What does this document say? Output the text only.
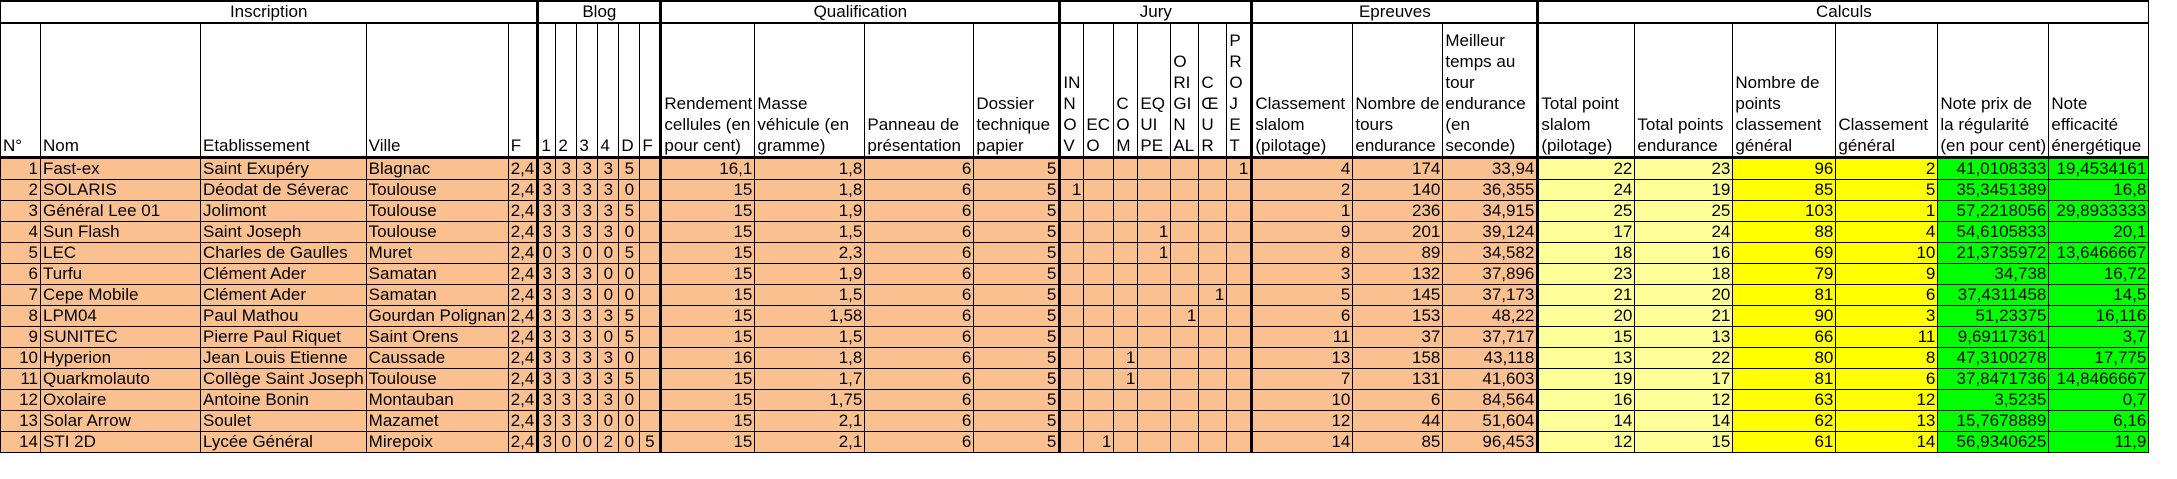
Inscription					Blog						Qualification				Jury							Epreuves			Calculs					
N°	Nom	Etablissement	Ville	F	1	2	3	4	D	F	Rendement cellules (en pour cent)	Masse véhicule (en gramme)	Panneau de présentation	Dossier technique papier	INNOV	ECO	COM	EQUIPE	ORIGINAL	CŒUR	PROJET	Classement slalom (pilotage)	Nombre de tours endurance	Meilleur temps au tour endurance (en seconde)	Total point slalom (pilotage)	Total points endurance	Nombre de points classement général	Classement général	Note prix de la régularité (en pour cent)	Note efficacité énergétique
1	Fast-ex	Saint Exupéry	Blagnac	2,4	3	3	3	3	5		16,1	1,8	6	5							1	4	174	33,94	22	23	96	2	41,0108333	19,4534161
2	SOLARIS	Déodat de Séverac	Toulouse	2,4	3	3	3	3	0		15	1,8	6	5	1							2	140	36,355	24	19	85	5	35,3451389	16,8
3	Général Lee 01	Jolimont	Toulouse	2,4	3	3	3	3	5		15	1,9	6	5								1	236	34,915	25	25	103	1	57,2218056	29,8933333
4	Sun Flash	Saint Joseph	Toulouse	2,4	3	3	3	3	0		15	1,5	6	5				1				9	201	39,124	17	24	88	4	54,6105833	20,1
5	LEC	Charles de Gaulles	Muret	2,4	0	3	0	0	5		15	2,3	6	5				1				8	89	34,582	18	16	69	10	21,3735972	13,6466667
6	Turfu	Clément Ader	Samatan	2,4	3	3	3	0	0		15	1,9	6	5								3	132	37,896	23	18	79	9	34,738	16,72
7	Cepe Mobile	Clément Ader	Samatan	2,4	3	3	3	0	0		15	1,5	6	5						1		5	145	37,173	21	20	81	6	37,4311458	14,5
8	LPM04	Paul Mathou	Gourdan Polignan	2,4	3	3	3	3	5		15	1,58	6	5					1			6	153	48,22	20	21	90	3	51,23375	16,116
9	SUNITEC	Pierre Paul Riquet	Saint Orens	2,4	3	3	3	0	5		15	1,5	6	5								11	37	37,717	15	13	66	11	9,69117361	3,7
10	Hyperion	Jean Louis Etienne	Caussade	2,4	3	3	3	3	0		16	1,8	6	5			1					13	158	43,118	13	22	80	8	47,3100278	17,775
11	Quarkmolauto	Collège Saint Joseph	Toulouse	2,4	3	3	3	3	5		15	1,7	6	5			1					7	131	41,603	19	17	81	6	37,8471736	14,8466667
12	Oxolaire	Antoine Bonin	Montauban	2,4	3	3	3	3	0		15	1,75	6	5								10	6	84,564	16	12	63	12	3,5235	0,7
13	Solar Arrow	Soulet	Mazamet	2,4	3	3	3	0	0		15	2,1	6	5								12	44	51,604	14	14	62	13	15,7678889	6,16
14	STI 2D	Lycée Général	Mirepoix	2,4	3	0	0	2	0	5	15	2,1	6	5		1						14	85	96,453	12	15	61	14	56,9340625	11,9
